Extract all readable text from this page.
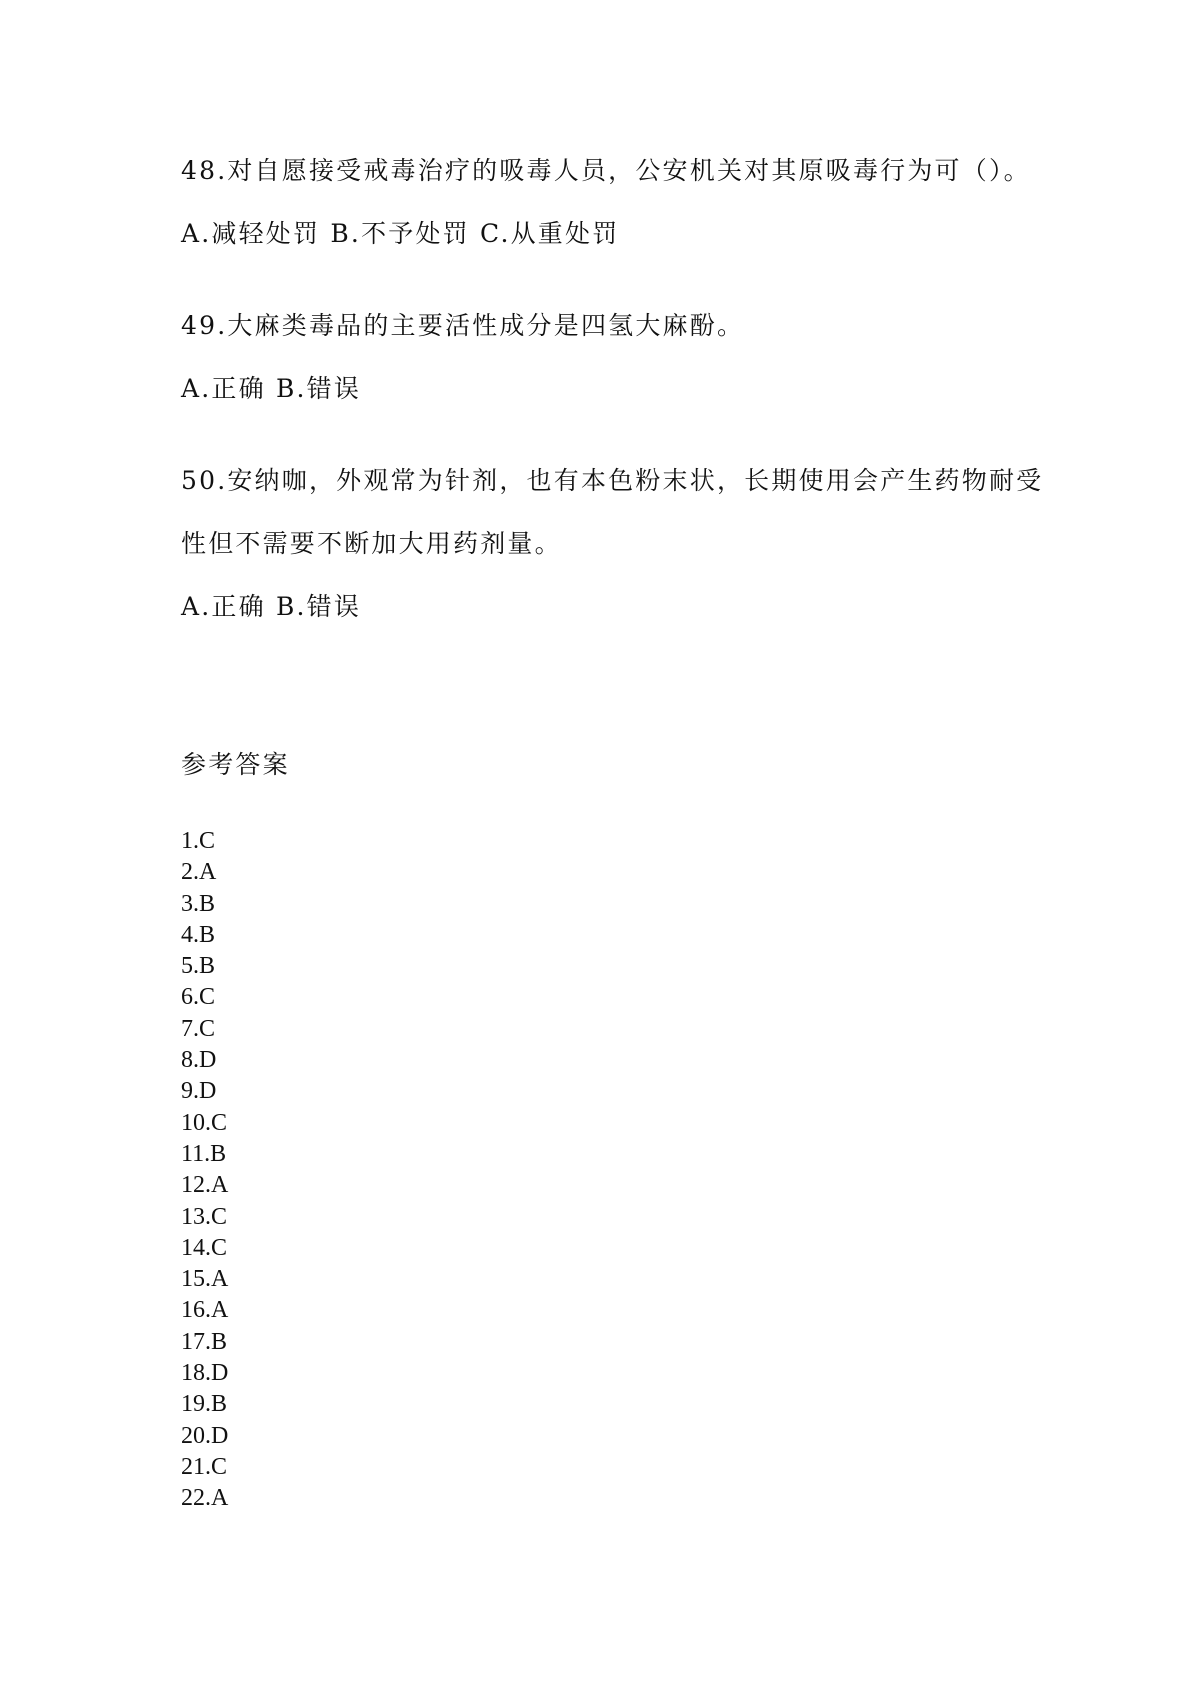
48.对自愿接受戒毒治疗的吸毒人员，公安机关对其原吸毒行为可（）。
A.减轻处罚 B.不予处罚 C.从重处罚
49.大麻类毒品的主要活性成分是四氢大麻酚。
A.正确 B.错误
50.安纳咖，外观常为针剂，也有本色粉末状，长期使用会产生药物耐受
性但不需要不断加大用药剂量。
A.正确 B.错误
参考答案
1.C
2.A
3.B
4.B
5.B
6.C
7.C
8.D
9.D
10.C
11.B
12.A
13.C
14.C
15.A
16.A
17.B
18.D
19.B
20.D
21.C
22.A
